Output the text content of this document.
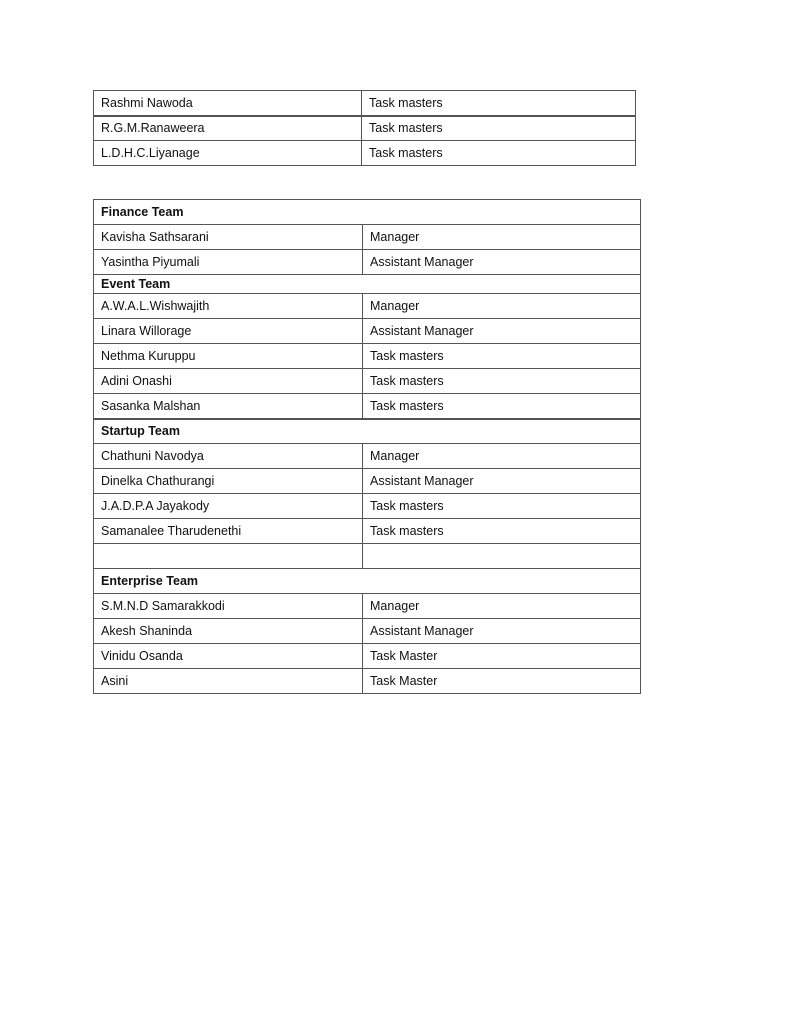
Rashmi Nawoda	Task masters
R.G.M.Ranaweera	Task masters
L.D.H.C.Liyanage	Task masters
Finance Team	
Kavisha Sathsarani	Manager
Yasintha Piyumali	Assistant Manager
Event Team	
A.W.A.L.Wishwajith	Manager
Linara Willorage	Assistant Manager
Nethma Kuruppu	Task masters
Adini Onashi	Task masters
Sasanka Malshan	Task masters
Startup Team	
Chathuni Navodya	Manager
Dinelka Chathurangi	Assistant Manager
J.A.D.P.A Jayakody	Task masters
Samanalee Tharudenethi	Task masters

Enterprise Team	
S.M.N.D Samarakkodi	Manager
Akesh Shaninda	Assistant Manager
Vinidu Osanda	Task Master
Asini	Task Master
